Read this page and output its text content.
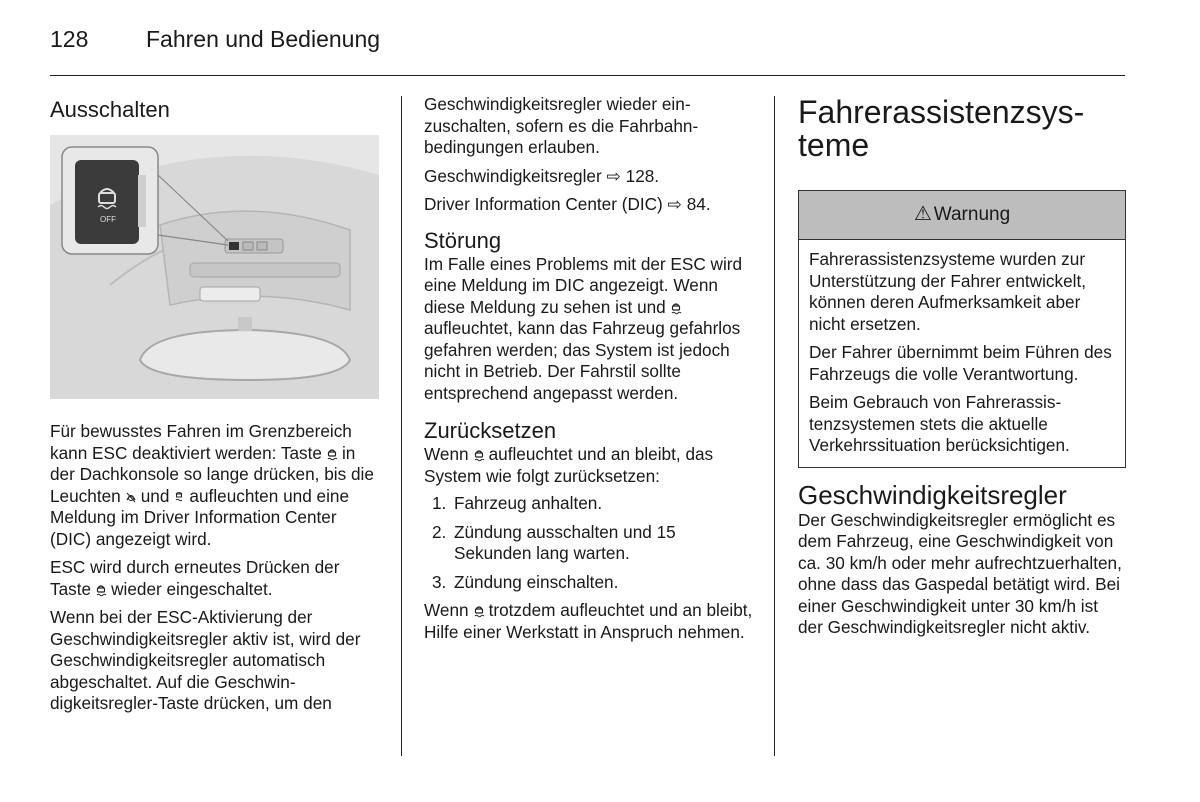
128	Fahren und Bedienung
Ausschalten
OFF

Für bewusstes Fahren im Grenzbereich kann ESC deaktiviert werden: Taste in der Dachkonsole so lange drücken, bis die Leuchten und aufleuchten und eine Meldung im Driver Information Center (DIC) angezeigt wird.

ESC wird durch erneutes Drücken der Taste wieder eingeschaltet.

Wenn bei der ESC-Aktivierung der Geschwindigkeitsregler aktiv ist, wird der Geschwindigkeitsregler automatisch abgeschaltet. Auf die Geschwindigkeitsregler-Taste drücken, um den

Geschwindigkeitsregler wieder einzuschalten, sofern es die Fahrbahnbedingungen erlauben.

Geschwindigkeitsregler ⇨ 128.

Driver Information Center (DIC) ⇨ 84.

Störung

Im Falle eines Problems mit der ESC wird eine Meldung im DIC angezeigt. Wenn diese Meldung zu sehen ist und
aufleuchtet, kann das Fahrzeug gefahrlos gefahren werden; das System ist jedoch nicht in Betrieb. Der Fahrstil sollte entsprechend angepasst werden.

Zurücksetzen

Wenn aufleuchtet und an bleibt, das System wie folgt zurücksetzen:

1. Fahrzeug anhalten.
2. Zündung ausschalten und 15 Sekunden lang warten.
3. Zündung einschalten.

Wenn trotzdem aufleuchtet und an bleibt, Hilfe einer Werkstatt in Anspruch nehmen.

Fahrerassistenzsysteme
⚠ Warnung

Fahrerassistenzsysteme wurden zur Unterstützung der Fahrer entwickelt, können deren Aufmerksamkeit aber nicht ersetzen.

Der Fahrer übernimmt beim Führen des Fahrzeugs die volle Verantwortung.

Beim Gebrauch von Fahrerassistenzsystemen stets die aktuelle Verkehrssituation berücksichtigen.

Geschwindigkeitsregler

Der Geschwindigkeitsregler ermöglicht es dem Fahrzeug, eine Geschwindigkeit von ca. 30 km/h oder mehr aufrechtzuerhalten, ohne dass das Gaspedal betätigt wird. Bei einer Geschwindigkeit unter 30 km/h ist der Geschwindigkeitsregler nicht aktiv.
